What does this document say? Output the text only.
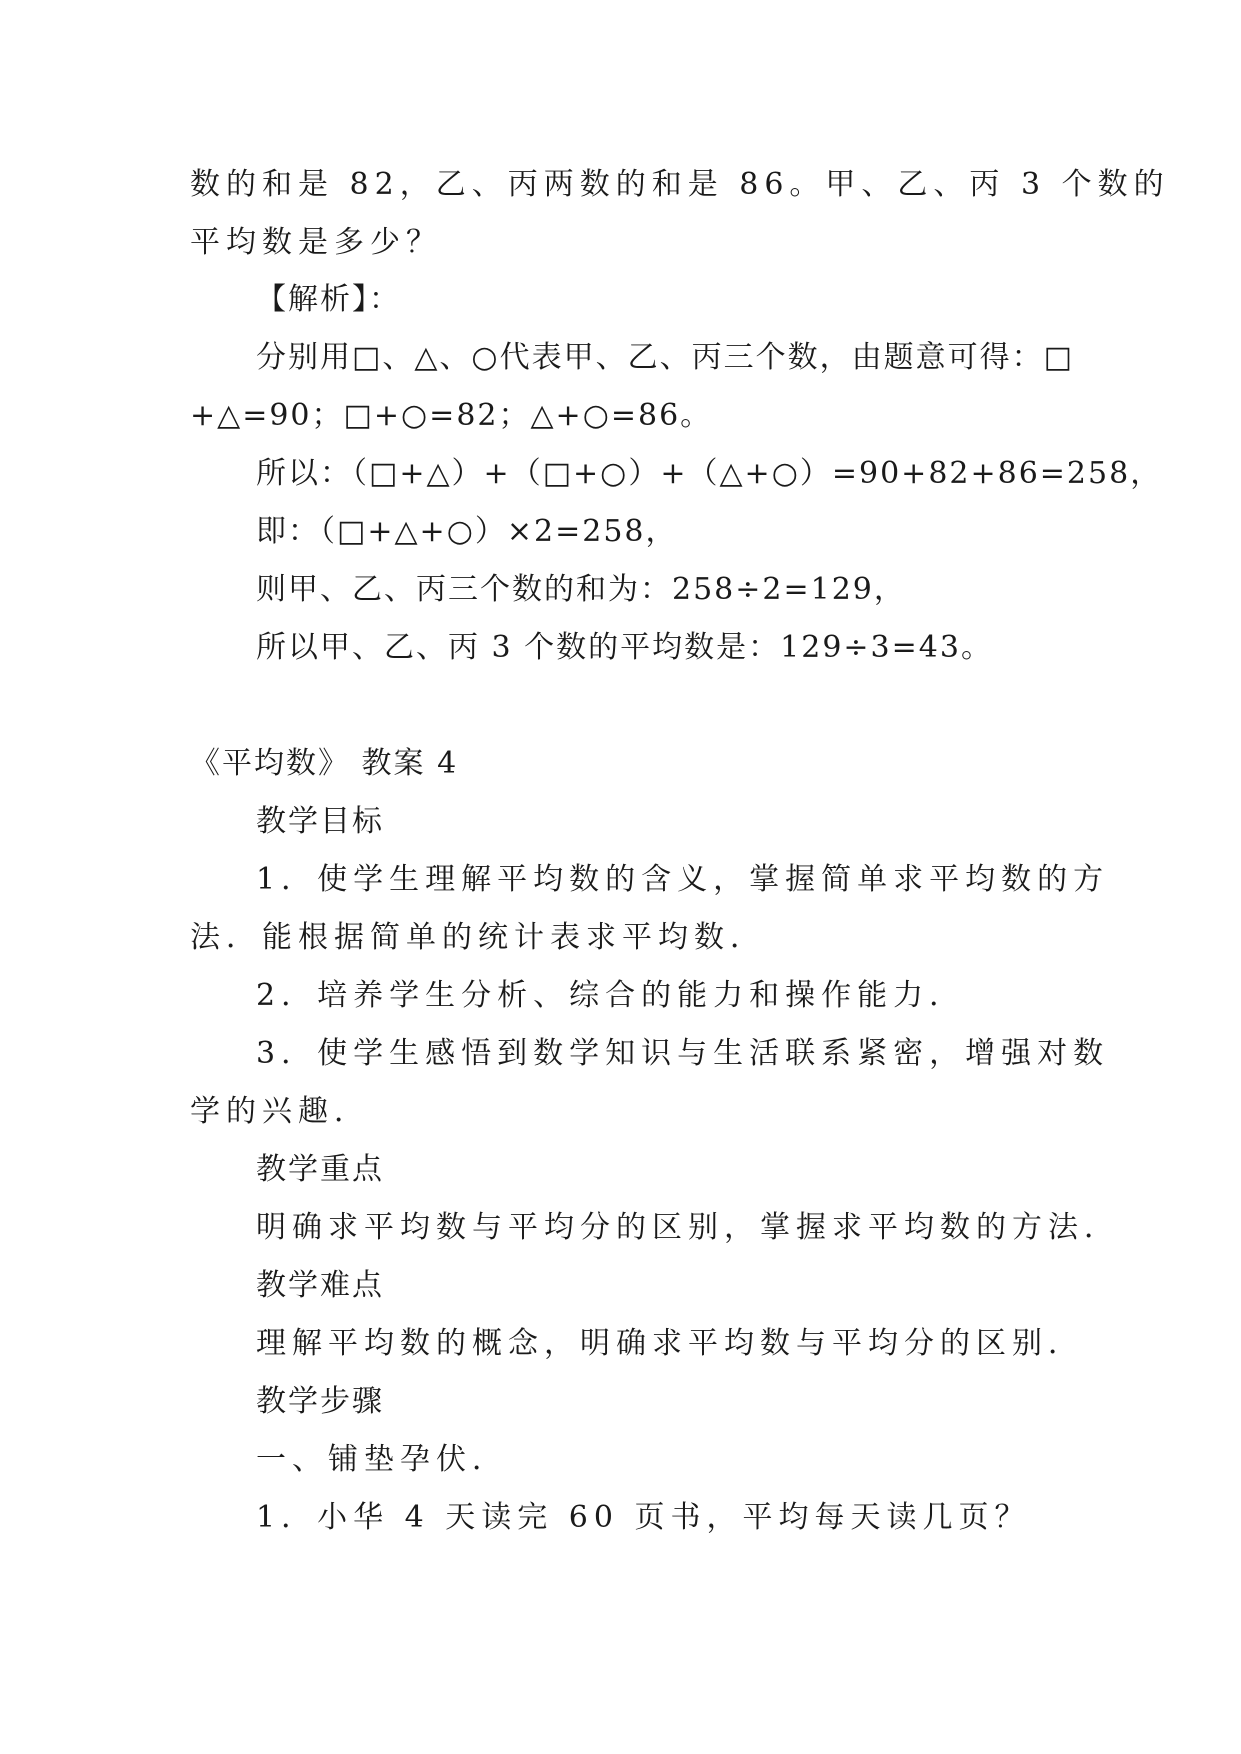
数的和是 82，乙、丙两数的和是 86。甲、乙、丙 3 个数的
平均数是多少？
【解析】：
分别用□、△、○代表甲、乙、丙三个数，由题意可得：□
+△=90；□+○=82；△+○=86。
所以：（□+△）+（□+○）+（△+○）=90+82+86=258，
即：（□+△+○）×2=258，
则甲、乙、丙三个数的和为：258÷2=129，
所以甲、乙、丙 3 个数的平均数是：129÷3=43。
《平均数》 教案 4
教学目标
1．使学生理解平均数的含义，掌握简单求平均数的方
法．能根据简单的统计表求平均数．
2．培养学生分析、综合的能力和操作能力．
3．使学生感悟到数学知识与生活联系紧密，增强对数
学的兴趣．
教学重点
明确求平均数与平均分的区别，掌握求平均数的方法．
教学难点
理解平均数的概念，明确求平均数与平均分的区别．
教学步骤
一、铺垫孕伏．
1．小华 4 天读完 60 页书，平均每天读几页？
